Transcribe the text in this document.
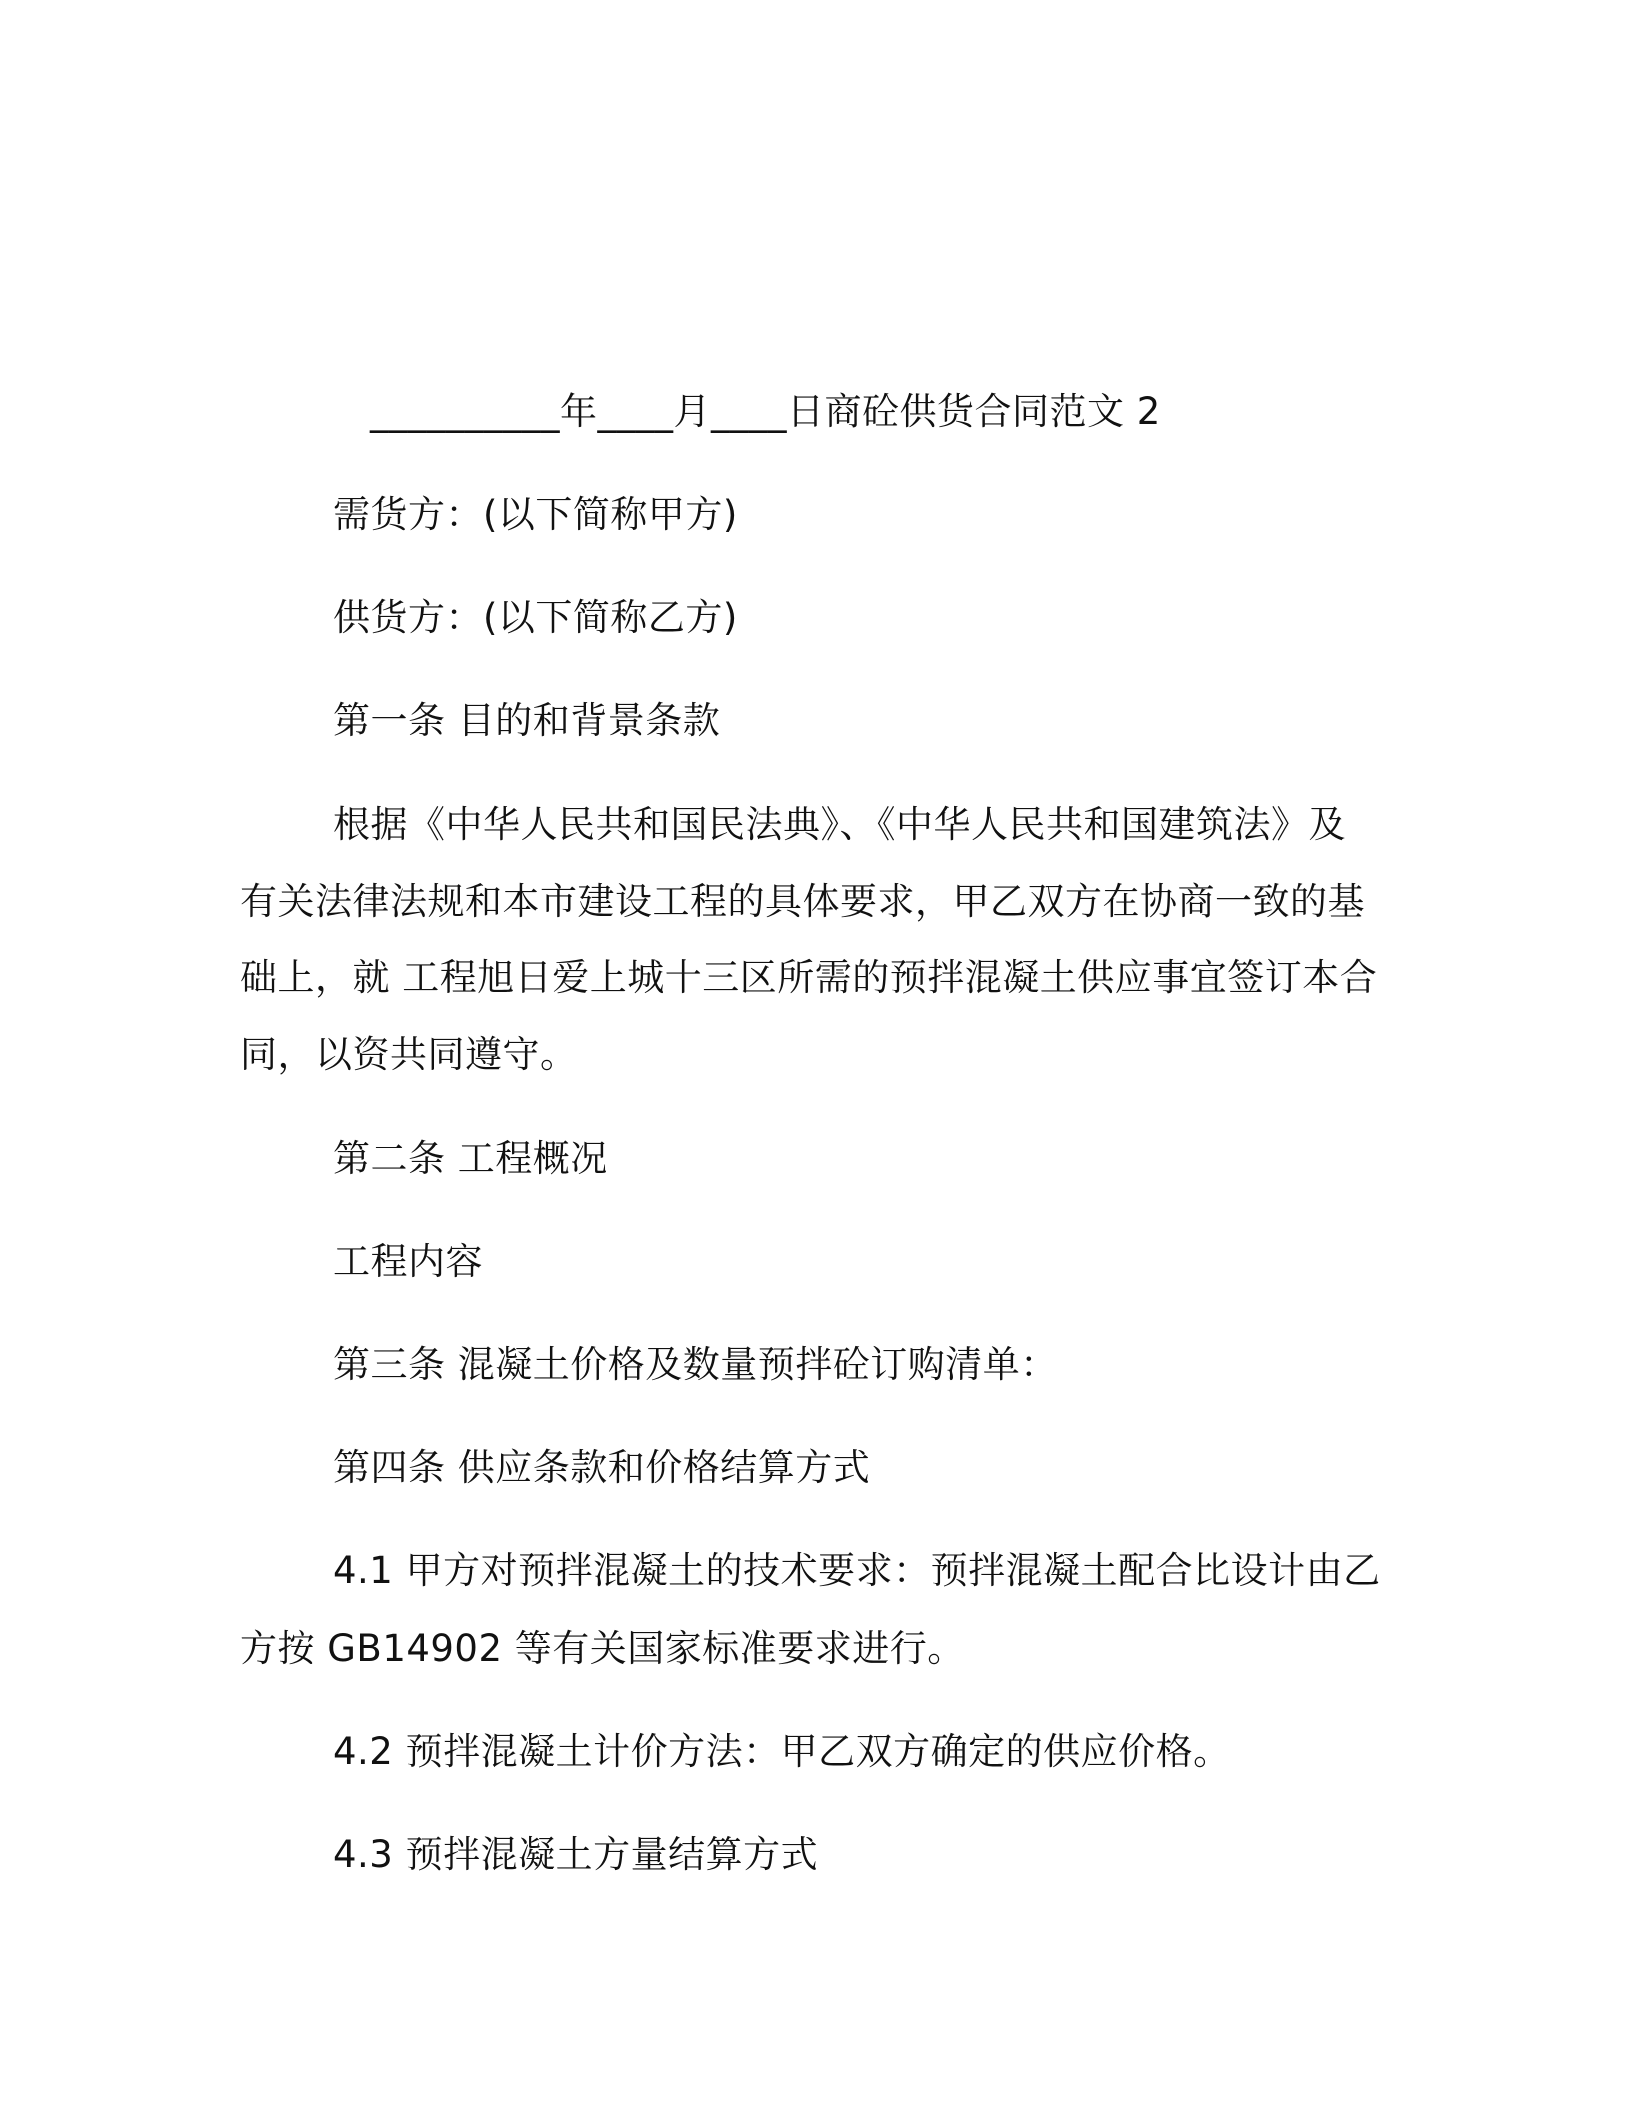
__________年____月____日商砼供货合同范文 2
需货方：(以下简称甲方)
供货方：(以下简称乙方)
第一条 目的和背景条款
根据《中华人民共和国民法典》、《中华人民共和国建筑法》及
有关法律法规和本市建设工程的具体要求，甲乙双方在协商一致的基
础上，就 工程旭日爱上城十三区所需的预拌混凝土供应事宜签订本合
同，以资共同遵守。
第二条 工程概况
工程内容
第三条 混凝土价格及数量预拌砼订购清单：
第四条 供应条款和价格结算方式
4.1 甲方对预拌混凝土的技术要求：预拌混凝土配合比设计由乙
方按 GB14902 等有关国家标准要求进行。
4.2 预拌混凝土计价方法：甲乙双方确定的供应价格。
4.3 预拌混凝土方量结算方式
